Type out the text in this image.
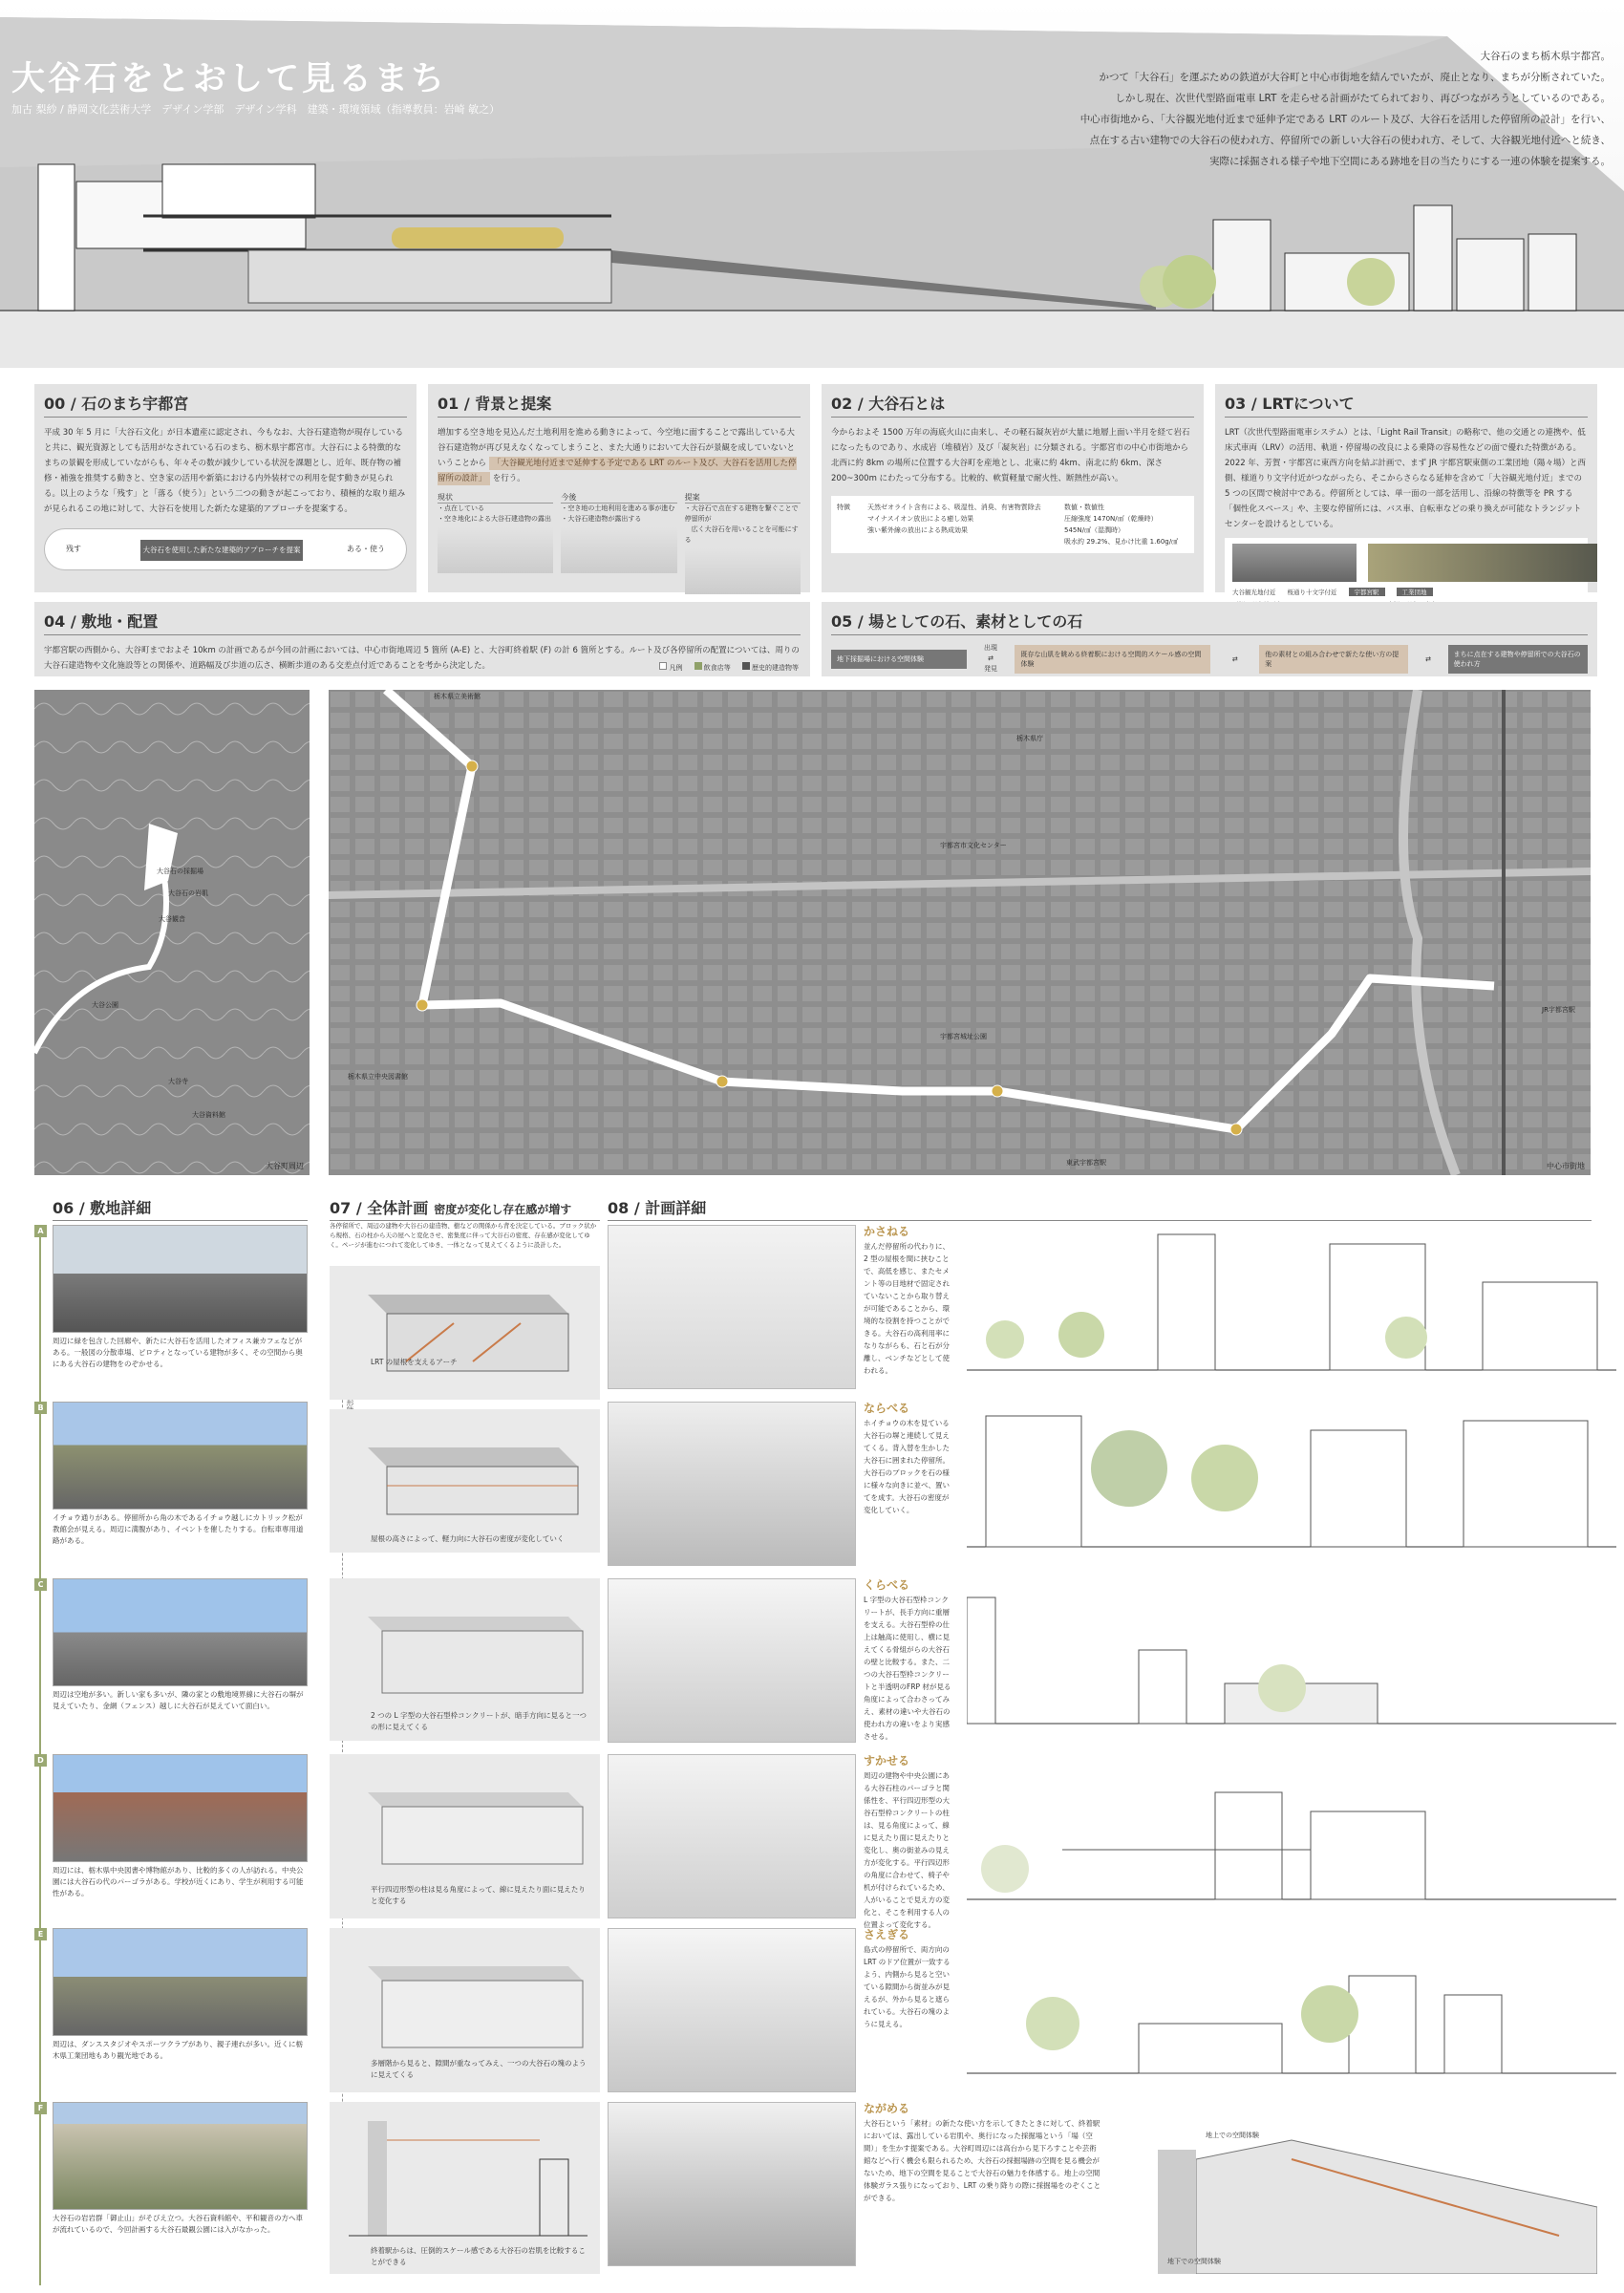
大谷石をとおして見るまち
加古 梨紗 / 静岡文化芸術大学　デザイン学部　デザイン学科　建築・環境領域（指導教員：岩崎 敏之）
大谷石のまち栃木県宇都宮。
かつて「大谷石」を運ぶための鉄道が大谷町と中心市街地を結んでいたが、廃止となり、まちが分断されていた。
しかし現在、次世代型路面電車 LRT を走らせる計画がたてられており、再びつながろうとしているのである。
中心市街地から、「大谷観光地付近まで延伸予定である LRT のルート及び、大谷石を活用した停留所の設計」を行い、
点在する古い建物での大谷石の使われ方、停留所での新しい大谷石の使われ方、そして、大谷観光地付近へと続き、
実際に採掘される様子や地下空間にある跡地を目の当たりにする一連の体験を提案する。
00 / 石のまち宇都宮
平成 30 年 5 月に「大谷石文化」が日本遺産に認定され、今もなお、大谷石建造物が現存していると共に、観光資源としても活用がなされている石のまち、栃木県宇都宮市。大谷石による特徴的なまちの景観を形成していながらも、年々その数が減少している状況を課題とし、近年、既存物の補修・補強を推奨する動きと、空き家の活用や新築における内外装材での利用を促す動きが見られる。以上のような「残す」と「落る（使う）」という二つの動きが起こっており、積極的な取り組みが見られるこの地に対して、大谷石を使用した新たな建築的アプローチを提案する。
残す	大谷石を使用した新たな建築的アプローチを提案	ある・使う
01 / 背景と提案
増加する空き地を見込んだ土地利用を進める動きによって、今空地に面することで露出している大谷石建造物が再び見えなくなってしまうこと、また大通りにおいて大谷石が景観を成していないということから 「大谷観光地付近まで延伸する予定である LRT のルート及び、大谷石を活用した停留所の設計」 を行う。
現状
・点在している
・空き地化による大谷石建造物の露出
今後
・空き地の土地利用を進める事が進む
・大谷石建造物が露出する
提案
・大谷石で点在する建物を繋ぐことで停留所が
　広く大谷石を用いることを可能にする
02 / 大谷石とは
今からおよそ 1500 万年の海底火山に由来し、その軽石凝灰岩が大量に地層上面い半月を経て岩石になったものであり、水成岩（堆積岩）及び「凝灰岩」に分類される。宇都宮市の中心市街地から北西に約 8km の場所に位置する大谷町を産地とし、北東に約 4km、南北に約 6km、深さ 200~300m にわたって分布する。比較的、軟質軽量で耐火性、断熱性が高い。
特徴	天然ゼオライト含有による、吸湿性、消臭、有害物質除去
マイナスイオン放出による癒し効果
強い紫外線の放出による熱成効果
数値・数値性
圧縮強度 1470N/㎠（乾燥時）
545N/㎠（湿潤時）
吸水約 29.2%、見かけ比重 1.60g/㎤
03 / LRTについて
LRT（次世代型路面電車システム）とは、「Light Rail Transit」の略称で、他の交通との連携や、低床式車両（LRV）の活用、軌道・停留場の改良による乗降の容易性などの面で優れた特徴がある。2022 年、芳賀・宇都宮に東西方向を結ぶ計画で、まず JR 宇都宮駅東側の工業団地（陽々場）と西側、様道りり文字付近がつながったら、そこからさらなる延伸を含めて「大谷観光地付近」までの 5 つの区間で検討中である。停留所としては、単一面の一部を活用し、沿線の特徴等を PR する「個性化スペース」や、主要な停留所には、バス車、自転車などの乗り換えが可能なトランジットセンターを設けるとしている。
大谷観光地付近 桜通り十文字付近	宇都宮駅	工業団地
04 / 敷地・配置
宇都宮駅の西側から、大谷町までおよそ 10km の計画であるが今回の計画においては、中心市街地周辺 5 箇所 (A-E) と、大谷町終着駅 (F) の計 6 箇所とする。ルート及び各停留所の配置については、周りの大谷石建造物や文化施設等との関係や、道路幅及び歩道の広さ、横断歩道のある交差点付近であることを考から決定した。	凡例	飲食店等	歴史的建造物等
05 / 場としての石、素材としての石
地下採掘場における空間体験
出現
⇄
発見
既存な山肌を眺める終着駅における空間的スケール感の空間体験
⇄
他の素材との組み合わせで新たな使い方の提案
⇄
まちに点在する建物や停留所での大谷石の使われ方
大谷石の採掘場
大谷石の岩肌
大谷観音
大谷公園
大谷寺
大谷資料館
大谷町周辺
栃木県立美術館
栃木県庁
宇都宮市文化センター
宇都宮城址公園
東武宇都宮駅
JR宇都宮駅
栃木県立中央図書館
中心市街地
06 / 敷地詳細	07 / 全体計画 密度が変化し存在感が増す	08 / 計画詳細
A
周辺に緑を包含した回廊や、新たに大谷石を活用したオフィス兼カフェなどがある。一般図の分散車場、ピロティとなっている建物が多く、その空間から奥にある大谷石の建物をのぞかせる。
B
イチョウ通りがある。停留所から角の木であるイチョウ越しにカトリック松が教館会が見える。周辺に満腹があり、イベントを催したりする。自転車専用道路がある。
C
周辺は空地が多い。新しい家も多いが、隣の家との敷地境界線に大谷石の塀が見えていたり、金網（フェンス）越しに大谷石が見えていて面白い。
D
周辺には、栃木県中央図書や博物館があり、比較的多くの人が訪れる。中央公園には大谷石の代のパーゴラがある。学校が近くにあり、学生が利用する可能性がある。
E
周辺は、ダンススタジオやスポーツクラブがあり、親子連れが多い。近くに栃木県工業団地もあり観光地である。
F
大谷石の岩岩群「御止山」がそびえ立つ。大谷石資料館や、平和観音の方へ車が流れているので、今回計画する大谷石最観公園には入がなかった。
各停留所で、周辺の建物や大谷石の建造物、樹などの関係から背を決定している。ブロック状から規格、石の柱から天の屋へと変化させ、密集度に伴って大谷石の密度、存在感が変化してゆく。ページが進むにつれて変化してゆき、一体となって見えてくるように設計した。
LRT の屋根を支えるアーチ
屋根の高さによって、軽力向に大谷石の密度が変化していく
2 つの L 字型の大谷石型枠コンクリートが、暗手方向に見ると一つの形に見えてくる
平行四辺形型の柱は見る角度によって、線に見えたり面に見えたりと変化する
多層階から見ると、隙間が重なってみえ、一つの大谷石の塊のように見えてくる
終着駅からは、圧倒的スケール感である大谷石の岩肌を比較することができる
かさねる
並んだ停留所の代わりに、2 型の屋根を間に挟むことで、高低を感じ、またセメント等の目地材で固定されていないことから取り替えが可能であることから、環境的な役割を持つことができる。大谷石の高利用率になりながらも、石と石が分離し、ベンチなどとして使われる。
ならべる
ホイチョウの木を見ている大谷石の塀と連続して見えてくる。背入替を生かした大谷石に囲まれた停留所。大谷石のブロックを石の様に様々な向きに並べ、置いてを成す。大谷石の密度が変化していく。
くらべる
L 字型の大谷石型枠コンクリートが、長手方向に重層を支える。大谷石型枠の仕上は触高に使用し、横に見えてくる骨組がらの大谷石の壁と比較する。また、二つの大谷石型枠コンクリートと半透明のFRP 材が見る角度によって合わさってみえ、素材の違いや大谷石の使われ方の違いをより実感させる。
すかせる
周辺の建物や中央公園にある大谷石柱のパーゴラと関係性を、平行四辺形型の大谷石型枠コンクリートの柱は、見る角度によって、線に見えたり面に見えたりと変化し、奥の街並みの見え方が変化する。平行四辺形の角度に合わせて、椅子や机が付けられているため、人がいることで見え方の変化と、そこを利用する人の位置よって変化する。
さえぎる
島式の停留所で、両方向の LRT のドア位置が一致するよう、内側から見ると空いている隙間から街並みが見えるが、外から見ると遮られている。大谷石の塊のように見える。
ながめる
大谷石という「素材」の新たな使い方を示してきたときに対して、終着駅においては、露出している岩肌や、奥行になった採掘場という「場（空間）」を生かす提案である。大谷町周辺には高台から見下ろすことや芸術館などへ行く機会も限られるため、大谷石の採掘場跡の空間を見る機会がないため、地下の空間を見ることで大谷石の魅力を体感する。地上の空間体験ガラス張りになっており、LRT の乗り降りの際に採掘場をのぞくことができる。
地上での空間体験
地下での空間体験
